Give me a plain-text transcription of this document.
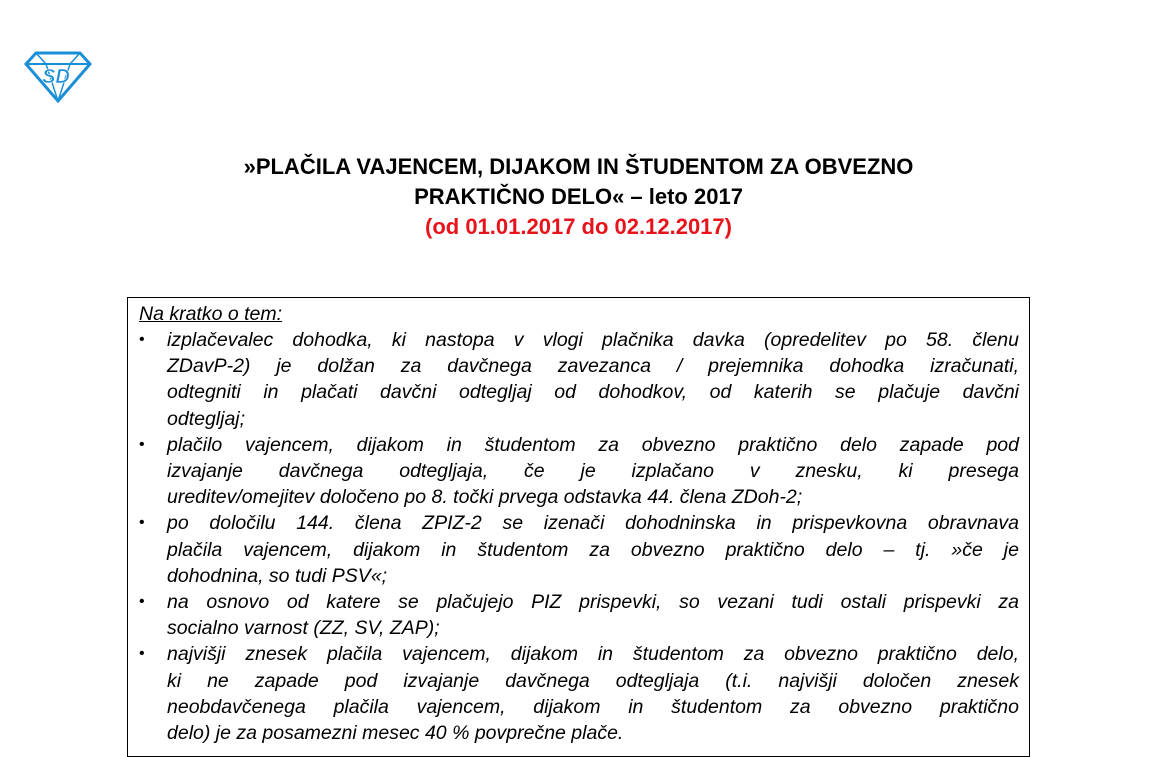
SD
»PLAČILA VAJENCEM, DIJAKOM IN ŠTUDENTOM ZA OBVEZNO
PRAKTIČNO DELO« – leto 2017
(od 01.01.2017 do 02.12.2017)

Na kratko o tem:

•	izplačevalec dohodka, ki nastopa v vlogi plačnika davka (opredelitev po 58. členu
ZDavP-2) je dolžan za davčnega zavezanca / prejemnika dohodka izračunati,
odtegniti in plačati davčni odtegljaj od dohodkov, od katerih se plačuje davčni
odtegljaj;
•	plačilo vajencem, dijakom in študentom za obvezno praktično delo zapade pod
izvajanje davčnega odtegljaja, če je izplačano v znesku, ki presega
ureditev/omejitev določeno po 8. točki prvega odstavka 44. člena ZDoh-2;
•	po določilu 144. člena ZPIZ-2 se izenači dohodninska in prispevkovna obravnava
plačila vajencem, dijakom in študentom za obvezno praktično delo – tj. »če je
dohodnina, so tudi PSV«;
•	na osnovo od katere se plačujejo PIZ prispevki, so vezani tudi ostali prispevki za
socialno varnost (ZZ, SV, ZAP);
•	najvišji znesek plačila vajencem, dijakom in študentom za obvezno praktično delo,
ki ne zapade pod izvajanje davčnega odtegljaja (t.i. najvišji določen znesek
neobdavčenega plačila vajencem, dijakom in študentom za obvezno praktično
delo) je za posamezni mesec 40 % povprečne plače.
